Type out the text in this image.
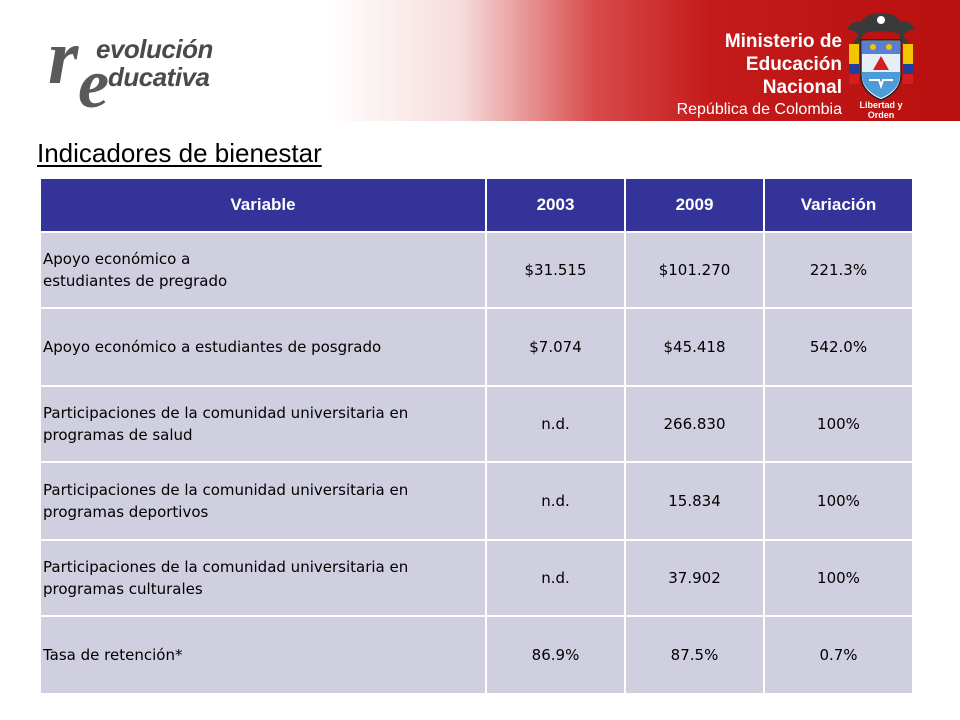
r e
evolución
ducativa
Ministerio de
Educación Nacional
República de Colombia	Libertad y Orden
Indicadores de bienestar
Variable	2003	2009	Variación
Apoyo económico a
estudiantes de pregrado	$31.515	$101.270	221.3%
Apoyo económico a estudiantes de posgrado	$7.074	$45.418	542.0%
Participaciones de la comunidad universitaria en programas de salud	n.d.	266.830	100%
Participaciones de la comunidad universitaria en programas deportivos	n.d.	15.834	100%
Participaciones de la comunidad universitaria en programas culturales	n.d.	37.902	100%
Tasa de retención*	86.9%	87.5%	0.7%
